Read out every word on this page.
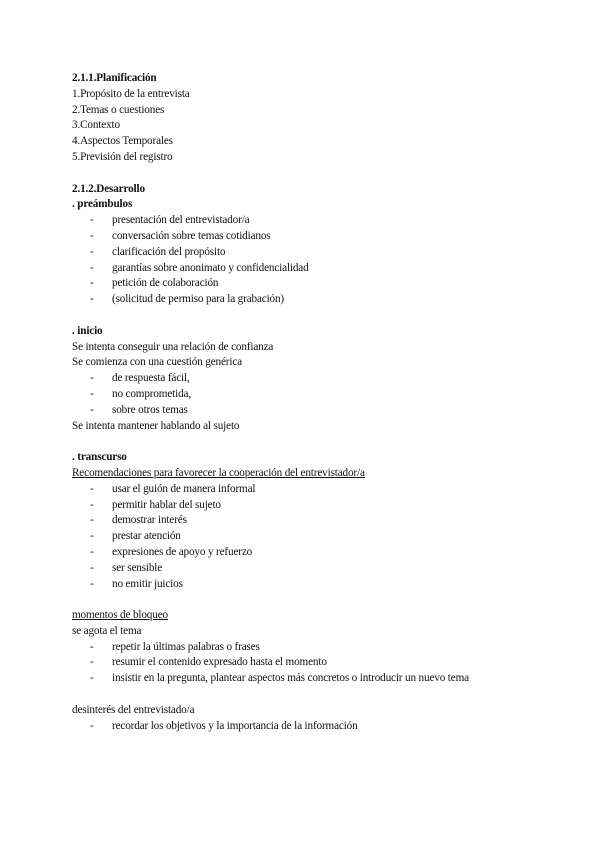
2.1.1.Planificación
1.Propósito de la entrevista
2.Temas o cuestiones
3.Contexto
4.Aspectos Temporales
5.Previsión del registro
2.1.2.Desarrollo
. preámbulos
- presentación del entrevistador/a
- conversación sobre temas cotidianos
- clarificación del propósito
- garantías sobre anonimato y confidencialidad
- petición de colaboración
- (solicitud de permiso para la grabación)
. inicio
Se intenta conseguir una relación de confianza
Se comienza con una cuestión genérica
- de respuesta fácil,
- no comprometida,
- sobre otros temas
Se intenta mantener hablando al sujeto
. transcurso
Recomendaciones para favorecer la cooperación del entrevistador/a
- usar el guión de manera informal
- permitir hablar del sujeto
- demostrar interés
- prestar atención
- expresiones de apoyo y refuerzo
- ser sensible
- no emitir juicios
momentos de bloqueo
se agota el tema
- repetir la últimas palabras o frases
- resumir el contenido expresado hasta el momento
- insistir en la pregunta, plantear aspectos más concretos o introducir un nuevo tema
desinterés del entrevistado/a
- recordar los objetivos y la importancia de la información
